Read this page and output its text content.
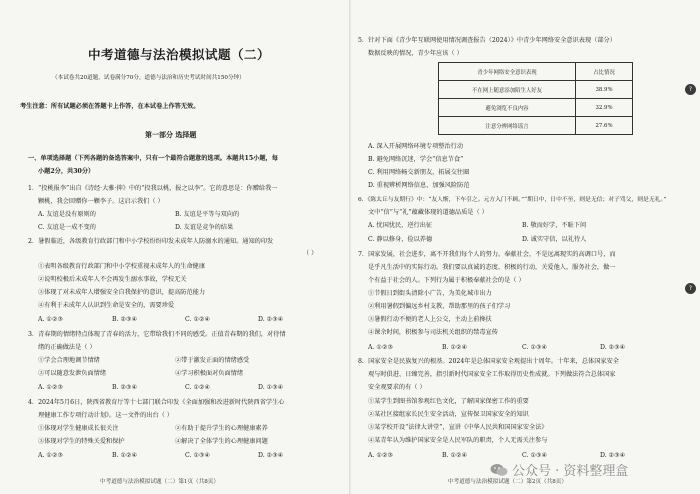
中考道德与法治模拟试题（二）
（本试卷共20道题，试卷满分70分，道德与法治和历史考试时间共150分钟）
考生注意：所有试题必须在答题卡上作答，在本试卷上作答无效。
第一部分 选择题
一、单项选择题（下列各题的备选答案中，只有一个最符合题意的选项。本题共15小题，每
小题2分，共30分）
1．“投桃报李”出自《诗经·大雅·抑》中的“投我以桃，报之以李”。它的意思是：你赠给我一
颗桃，我会回赠你一颗李子。这启示我们（ ）
A. 友谊是没有原则的	B. 友谊是平等与双向的
C. 友谊是一成不变的	D. 友谊是竞争的结果
2．暑假临近，各级教育行政部门和中小学校纷纷印发未成年人防溺水的通知。通知的印发
（ ）
①表明各级教育行政部门和中小学校重视未成年人的生命健康
②说明校极后未成年人不会再发生溺水事故，学校无关
③体现了对未成年人增强安全自我保护的意识，提高防范能力
④有利于未成年人认识到生命是安全的，需要珍爱
A. ①②③	B. ②③④	C. ①②④	D. ②③④
3．青春期的情绪特点体现了青春的活力，它带给我们不同的感受。正值青春期的我们，对待情
绪的正确做法是（ ）
①学会合理地调节情绪	②带于激发正面的情绪感受
③可以随意发泄负面情绪	④学习积极面对负面情绪
A. ①②③	B. ②③④	C. ①②④	D. ①③④
4．2024年5月6日，陕西省教育厅等十七部门联合印发《全面加强和改进新时代陕西省学生心
理健康工作专项行动计划》。这一文件的出台（ ）
①体现对学生健康成长很关注	②有助于提升学生的心理健康素养
③体现对学生的特殊关爱和保护	④解决了全体学生的心理健康问题
A. ①②③	B. ①②④	C. ①③④	D. ②③④
中考道德与法治模拟试题（二）第1页（共8页）
5．针对下面《青少年互联网使用情况调查报告（2024）》中青少年网络安全意识表现（部分）
数据反映的情况，青少年应该（ ）
A. 深入开展网络环境专项整治行动
B. 避免网络沉迷，学会“信息节食”
C. 利用网络畅交新朋友，拓展交往圈
D. 重视辨析网络信息，加强风险防范
6．《陈太丘与友期行》中：“友人惭，下车引之。元方入门不顾。”“期日中，日中不至，则是无信；对子骂父，则是无礼。”
文中“信”与“礼”蕴藏体现的道德品质是（ ）
A. 忧国忧民，逆行出征	B. 敬而好学，不耻下问
C. 静以修身，俭以养德	D. 诚实守信，以礼待人
7．国家发展，社会进步，离不开我们每个人的努力。奉献社会，不是远离现实的高调口号，而
是乎凡生活中的实际行动。我们要以真诚的态度、积极的行动，关爱他人，服务社会，做一
个有益于社会的人。下列行为属于积极奉献社会的是（ ）
①节假日到街头清除小广告，为美化城市出力
②利用暑假到偏远乡村支教，帮助那里的孩子们学习
③暑假行动不便的老人上公交，主动上前搀扶
④课余时间，积极参与司法机关组织的禁毒宣传
A. ①②③	B. ①②④	C. ①③④	D. ②③④
8．国家安全是民族复兴的根基。2024年是总体国家安全观提出十周年。十年来，总体国家安全
观与时俱进、日臻完善，指引新时代国家安全工作取得历史性成就。下列做法符合总体国家
安全观要求的有（ ）
①某学生到图书馆参观红色文化，了解国家保密工作的重要
②某社区接组家长民生安全活动，宣传保卫国家安全的知识
③某学校开设“法律大讲堂”，宣讲《中华人民共和国国家安全法》
④某青年认为维护国家安全是人民军队的职责，个人无需关注参与
A. ①②③	B. ①②④	C. ①③④	D. ②③④
中考道德与法治模拟试题（二）第2页（共8页）
?
?
青少年网络安全意识表现	占比情况
不在网上随意添加陌生人好友	38.9%
避免浏览不良内容	32.9%
注意分辨网络谣言	27.6%
公众号 · 资料整理盒
